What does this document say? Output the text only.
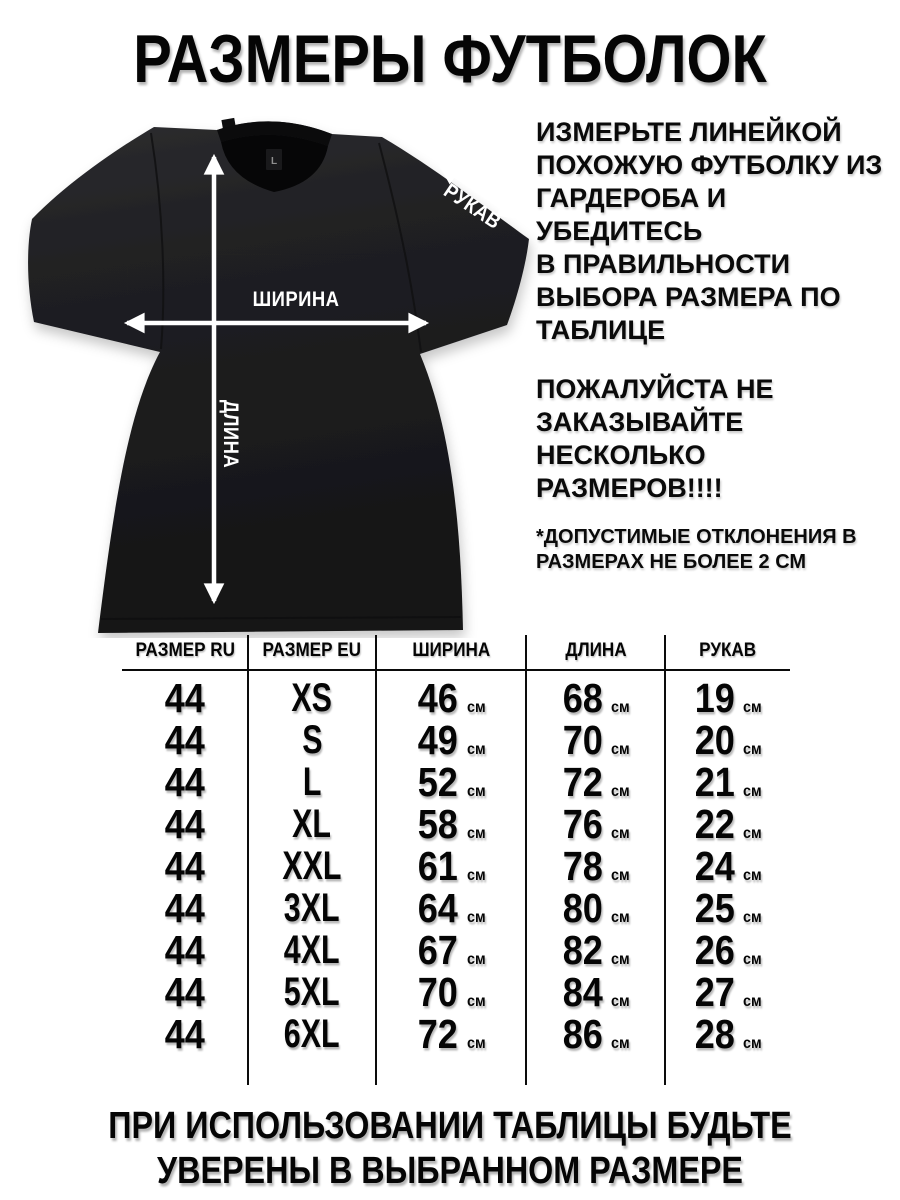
РАЗМЕРЫ ФУТБОЛОК
L
ШИРИНА
ДЛИНА
РУКАВ
ИЗМЕРЬТЕ ЛИНЕЙКОЙ
ПОХОЖУЮ ФУТБОЛКУ ИЗ
ГАРДЕРОБА И УБЕДИТЕСЬ
В ПРАВИЛЬНОСТИ
ВЫБОРА РАЗМЕРА ПО
ТАБЛИЦЕ
ПОЖАЛУЙСТА НЕ
ЗАКАЗЫВАЙТЕ
НЕСКОЛЬКО РАЗМЕРОВ!!!!
*ДОПУСТИМЫЕ ОТКЛОНЕНИЯ В
РАЗМЕРАХ НЕ БОЛЕЕ 2 СМ
РАЗМЕР RU РАЗМЕР EU	ШИРИНА	ДЛИНА	РУКАВ
44	XS	46 см	68 см	19 см
44	S	49 см	70 см	20 см
44	L	52 см	72 см	21 см
44	XL	58 см	76 см	22 см
44	XXL	61 см	78 см	24 см
44	3XL	64 см	80 см	25 см
44	4XL	67 см	82 см	26 см
44	5XL	70 см	84 см	27 см
44	6XL	72 см	86 см	28 см
ПРИ ИСПОЛЬЗОВАНИИ ТАБЛИЦЫ БУДЬТЕ
УВЕРЕНЫ В ВЫБРАННОМ РАЗМЕРЕ
